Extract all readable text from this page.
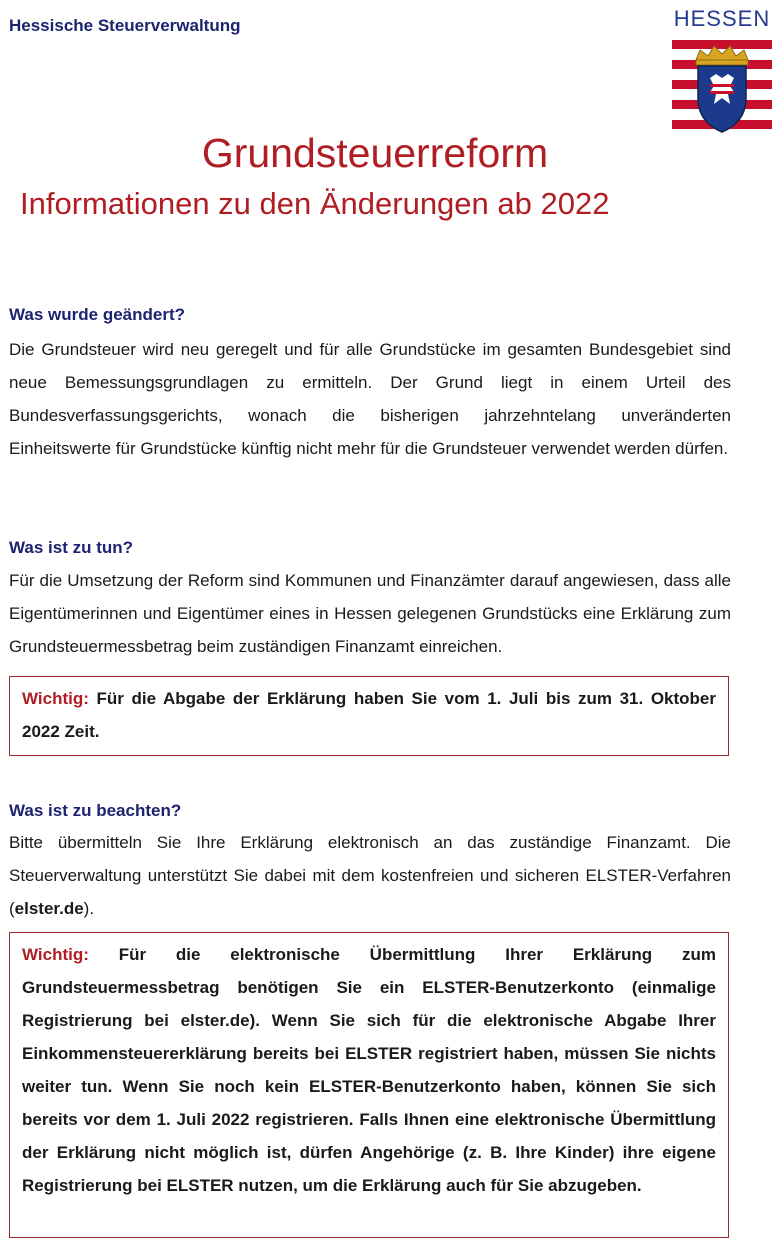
Hessische Steuerverwaltung	HESSEN
Grundsteuerreform
Informationen zu den Änderungen ab 2022
Was wurde geändert?
Die Grundsteuer wird neu geregelt und für alle Grundstücke im gesamten Bundesgebiet sind neue Bemessungsgrundlagen zu ermitteln. Der Grund liegt in einem Urteil des Bundesverfassungsgerichts, wonach die bisherigen jahrzehntelang unveränderten Einheitswerte für Grundstücke künftig nicht mehr für die Grundsteuer verwendet werden dürfen.
Was ist zu tun?
Für die Umsetzung der Reform sind Kommunen und Finanzämter darauf angewiesen, dass alle Eigentümerinnen und Eigentümer eines in Hessen gelegenen Grundstücks eine Erklärung zum Grundsteuermessbetrag beim zuständigen Finanzamt einreichen.
Wichtig: Für die Abgabe der Erklärung haben Sie vom 1. Juli bis zum 31. Oktober 2022 Zeit.
Was ist zu beachten?
Bitte übermitteln Sie Ihre Erklärung elektronisch an das zuständige Finanzamt. Die Steuerverwaltung unterstützt Sie dabei mit dem kostenfreien und sicheren ELSTER-Verfahren (elster.de).
Wichtig: Für die elektronische Übermittlung Ihrer Erklärung zum Grundsteuermessbetrag benötigen Sie ein ELSTER-Benutzerkonto (einmalige Registrierung bei elster.de). Wenn Sie sich für die elektronische Abgabe Ihrer Einkommensteuererklärung bereits bei ELSTER registriert haben, müssen Sie nichts weiter tun. Wenn Sie noch kein ELSTER-Benutzerkonto haben, können Sie sich bereits vor dem 1. Juli 2022 registrieren. Falls Ihnen eine elektronische Übermittlung der Erklärung nicht möglich ist, dürfen Angehörige (z. B. Ihre Kinder) ihre eigene Registrierung bei ELSTER nutzen, um die Erklärung auch für Sie abzugeben.
